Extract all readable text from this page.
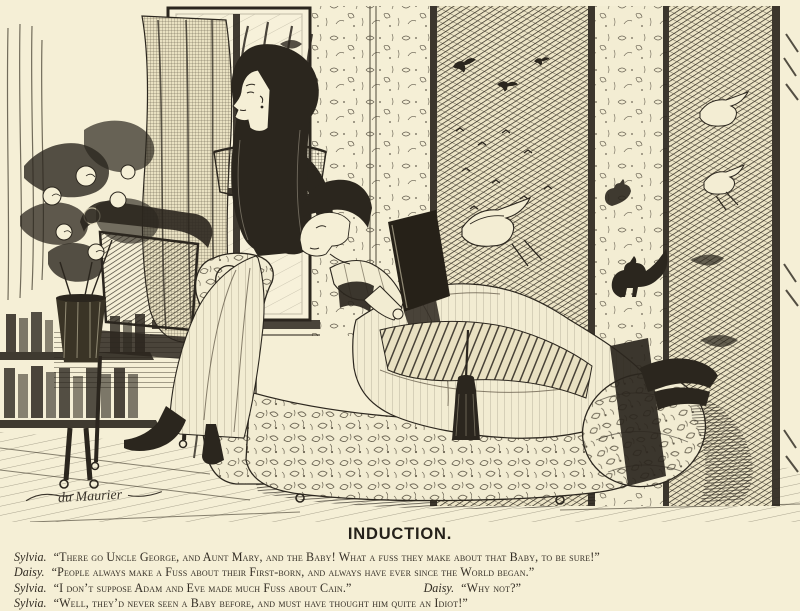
du Maurier
INDUCTION.
Sylvia. “There go Uncle George, and Aunt Mary, and the Baby! What a fuss they make about that Baby, to be sure!”
Daisy. “People always make a Fuss about their First-born, and always have ever since the World began.”
Sylvia. “I don’t suppose Adam and Eve made much Fuss about Cain.”	Daisy. “Why not?”
Sylvia. “Well, they’d never seen a Baby before, and must have thought him quite an Idiot!”
